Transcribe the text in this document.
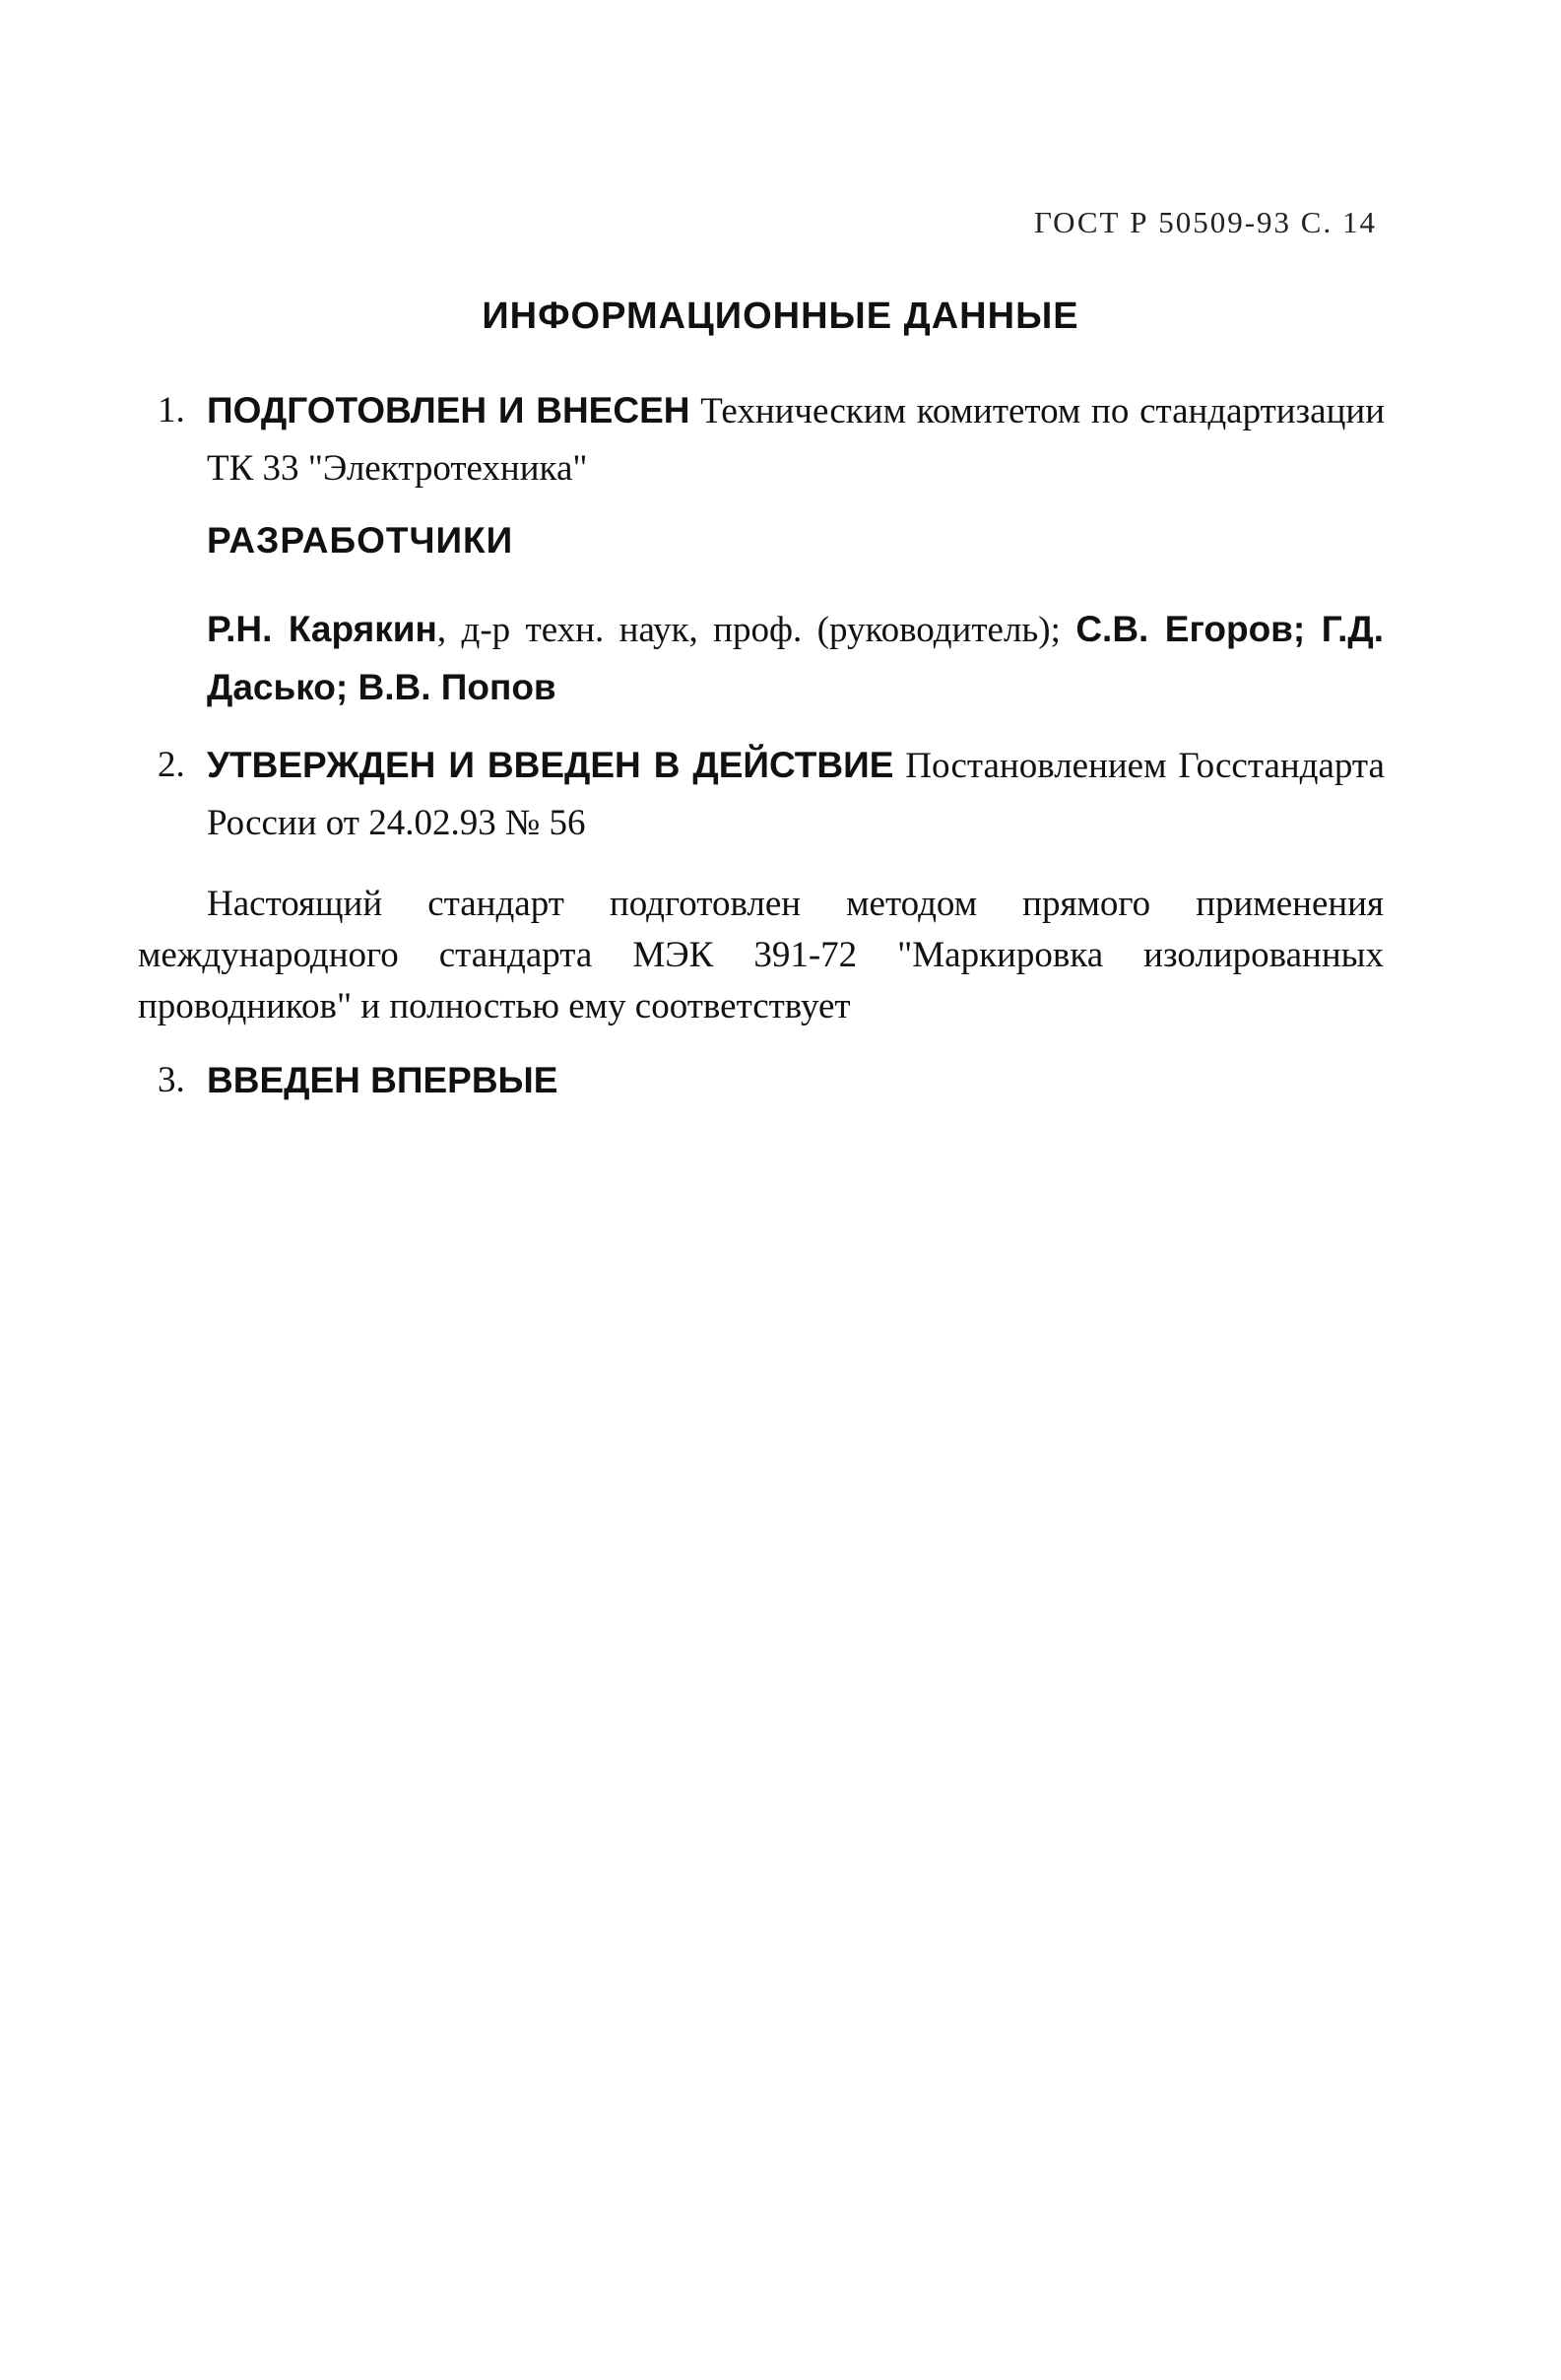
ГОСТ Р 50509-93 С. 14
ИНФОРМАЦИОННЫЕ ДАННЫЕ
1. ПОДГОТОВЛЕН И ВНЕСЕН Техническим комитетом по стандартизации ТК 33 "Электротехника"
РАЗРАБОТЧИКИ
Р.Н. Карякин, д-р техн. наук, проф. (руководитель); С.В. Егоров; Г.Д. Дасько; В.В. Попов
2. УТВЕРЖДЕН И ВВЕДЕН В ДЕЙСТВИЕ Постановлением Госстандарта России от 24.02.93 № 56
Настоящий стандарт подготовлен методом прямого применения международного стандарта МЭК 391-72 "Маркировка изолированных проводников" и полностью ему соответствует
3. ВВЕДЕН ВПЕРВЫЕ
